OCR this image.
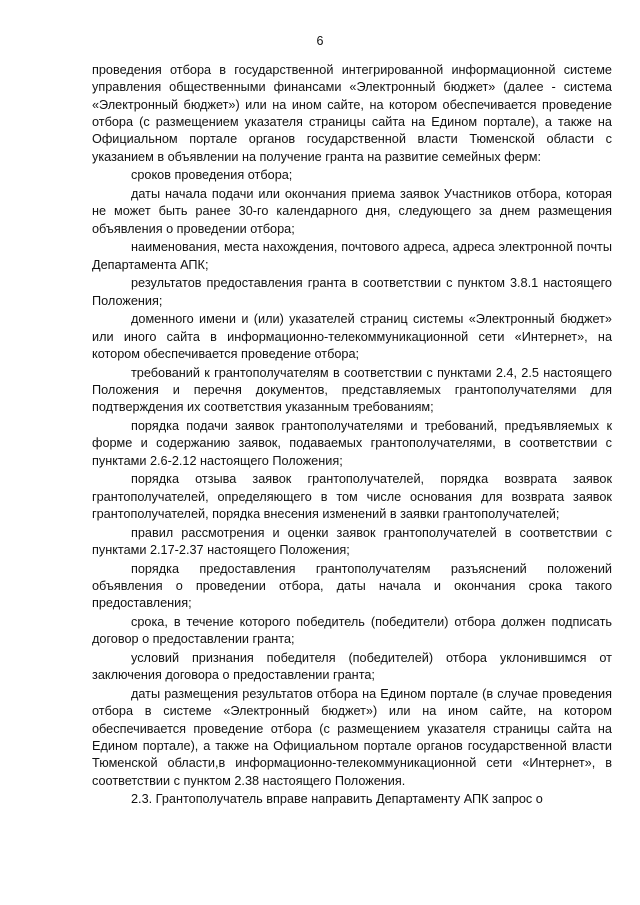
6

проведения отбора в государственной интегрированной информационной системе управления общественными финансами «Электронный бюджет» (далее - система «Электронный бюджет») или на ином сайте, на котором обеспечивается проведение отбора (с размещением указателя страницы сайта на Едином портале), а также на Официальном портале органов государственной власти Тюменской области с указанием в объявлении на получение гранта на развитие семейных ферм:

сроков проведения отбора;

даты начала подачи или окончания приема заявок Участников отбора, которая не может быть ранее 30-го календарного дня, следующего за днем размещения объявления о проведении отбора;

наименования, места нахождения, почтового адреса, адреса электронной почты Департамента АПК;

результатов предоставления гранта в соответствии с пунктом 3.8.1 настоящего Положения;

доменного имени и (или) указателей страниц системы «Электронный бюджет» или иного сайта в информационно-телекоммуникационной сети «Интернет», на котором обеспечивается проведение отбора;

требований к грантополучателям в соответствии с пунктами 2.4, 2.5 настоящего Положения и перечня документов, представляемых грантополучателями для подтверждения их соответствия указанным требованиям;

порядка подачи заявок грантополучателями и требований, предъявляемых к форме и содержанию заявок, подаваемых грантополучателями, в соответствии с пунктами 2.6-2.12 настоящего Положения;

порядка отзыва заявок грантополучателей, порядка возврата заявок грантополучателей, определяющего в том числе основания для возврата заявок грантополучателей, порядка внесения изменений в заявки грантополучателей;

правил рассмотрения и оценки заявок грантополучателей в соответствии с пунктами 2.17-2.37 настоящего Положения;

порядка предоставления грантополучателям разъяснений положений объявления о проведении отбора, даты начала и окончания срока такого предоставления;

срока, в течение которого победитель (победители) отбора должен подписать договор о предоставлении гранта;

условий признания победителя (победителей) отбора уклонившимся от заключения договора о предоставлении гранта;

даты размещения результатов отбора на Едином портале (в случае проведения отбора в системе «Электронный бюджет») или на ином сайте, на котором обеспечивается проведение отбора (с размещением указателя страницы сайта на Едином портале), а также на Официальном портале органов государственной власти Тюменской области,в информационно-телекоммуникационной сети «Интернет», в соответствии с пунктом 2.38 настоящего Положения.

2.3. Грантополучатель вправе направить Департаменту АПК запрос о
